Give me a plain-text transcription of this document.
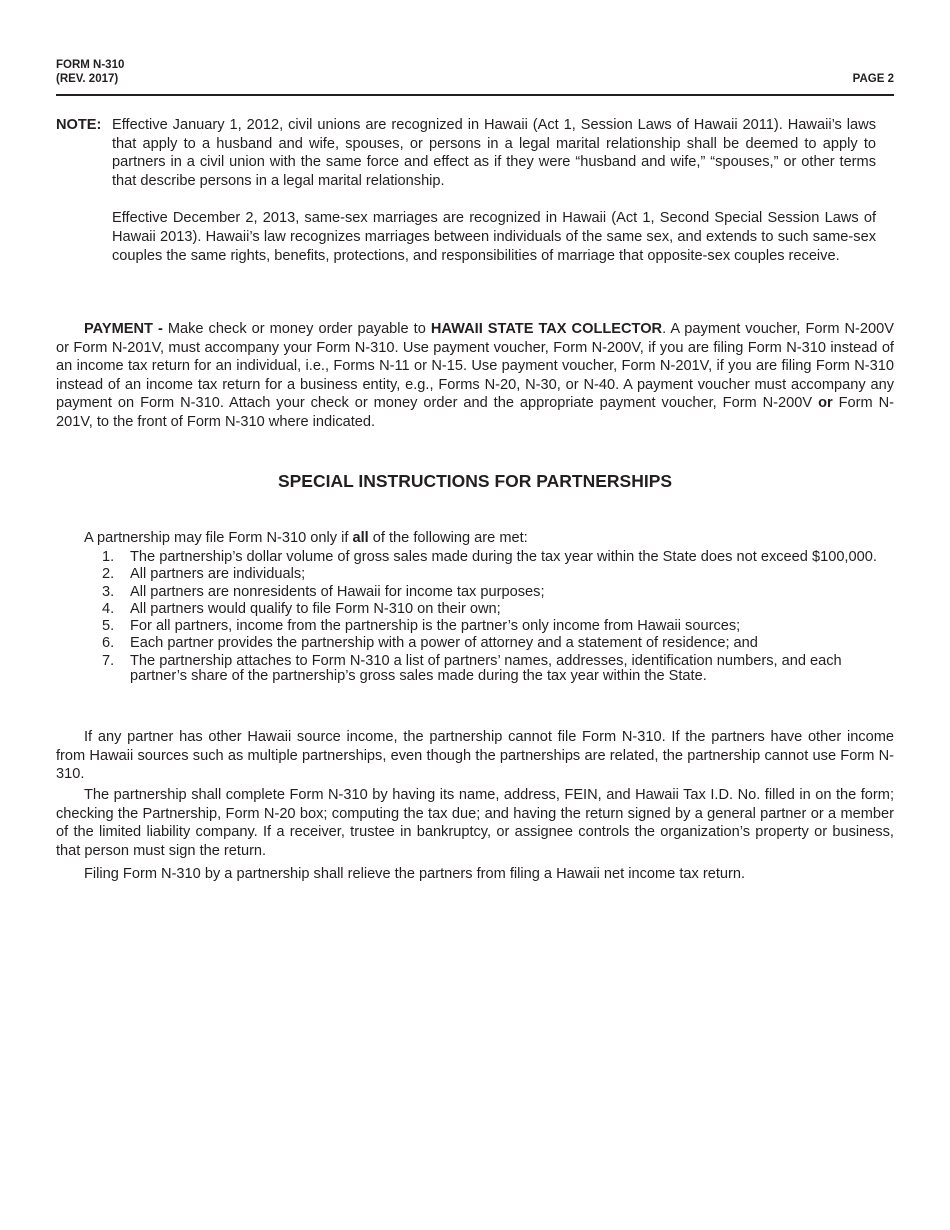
FORM N-310
(REV. 2017)	PAGE 2
NOTE: Effective January 1, 2012, civil unions are recognized in Hawaii (Act 1, Session Laws of Hawaii 2011). Hawaii’s laws that apply to a husband and wife, spouses, or persons in a legal marital relationship shall be deemed to apply to partners in a civil union with the same force and effect as if they were “husband and wife,” “spouses,” or other terms that describe persons in a legal marital relationship.

Effective December 2, 2013, same-sex marriages are recognized in Hawaii (Act 1, Second Special Session Laws of Hawaii 2013). Hawaii’s law recognizes marriages between individuals of the same sex, and extends to such same-sex couples the same rights, benefits, protections, and responsibilities of marriage that opposite-sex couples receive.

PAYMENT - Make check or money order payable to HAWAII STATE TAX COLLECTOR. A payment voucher, Form N-200V or Form N-201V, must accompany your Form N-310. Use payment voucher, Form N-200V, if you are filing Form N-310 instead of an income tax return for an individual, i.e., Forms N-11 or N-15. Use payment voucher, Form N-201V, if you are filing Form N-310 instead of an income tax return for a business entity, e.g., Forms N-20, N-30, or N-40. A payment voucher must accompany any payment on Form N-310. Attach your check or money order and the appropriate payment voucher, Form N-200V or Form N-201V, to the front of Form N-310 where indicated.

SPECIAL INSTRUCTIONS FOR PARTNERSHIPS

A partnership may file Form N-310 only if all of the following are met:

1. The partnership’s dollar volume of gross sales made during the tax year within the State does not exceed $100,000.
2. All partners are individuals;
3. All partners are nonresidents of Hawaii for income tax purposes;
4. All partners would qualify to file Form N-310 on their own;
5. For all partners, income from the partnership is the partner’s only income from Hawaii sources;
6. Each partner provides the partnership with a power of attorney and a statement of residence; and
7. The partnership attaches to Form N-310 a list of partners’ names, addresses, identification numbers, and each partner’s share of the partnership’s gross sales made during the tax year within the State.

If any partner has other Hawaii source income, the partnership cannot file Form N-310. If the partners have other income from Hawaii sources such as multiple partnerships, even though the partnerships are related, the partnership cannot use Form N-310.

The partnership shall complete Form N-310 by having its name, address, FEIN, and Hawaii Tax I.D. No. filled in on the form; checking the Partnership, Form N-20 box; computing the tax due; and having the return signed by a general partner or a member of the limited liability company. If a receiver, trustee in bankruptcy, or assignee controls the organization’s property or business, that person must sign the return.

Filing Form N-310 by a partnership shall relieve the partners from filing a Hawaii net income tax return.
